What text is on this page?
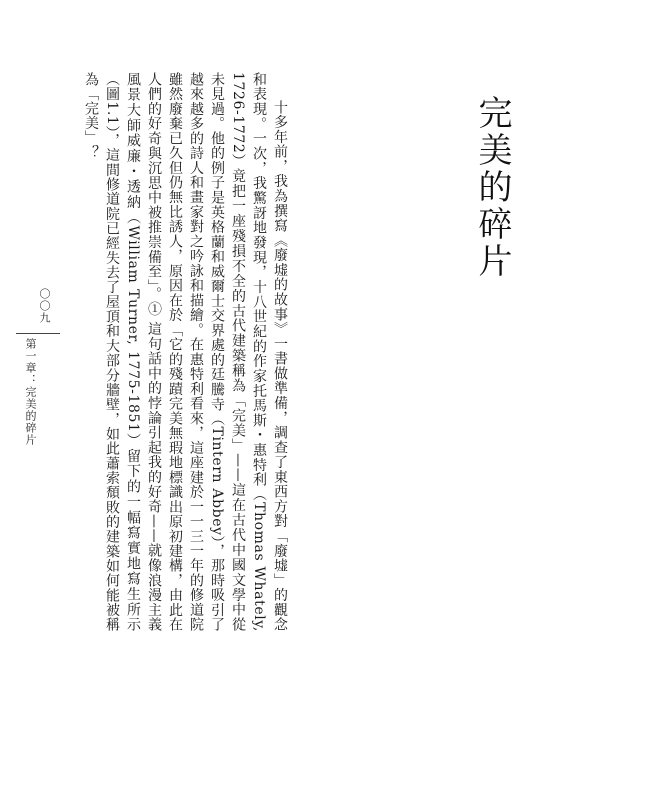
完美的碎片

十多年前，我為撰寫《廢墟的故事》一書做準備，調查了東西方對「廢墟」的觀念和表現。一次，我驚訝地發現，十八世紀的作家托馬斯・惠特利（Thomas Whately, 1726-1772）竟把一座殘損不全的古代建築稱為「完美」——這在古代中國文學中從未見過。他的例子是英格蘭和威爾士交界處的廷騰寺（Tintern Abbey），那時吸引了越來越多的詩人和畫家對之吟詠和描繪。在惠特利看來，這座建於一一三一年的修道院雖然廢棄已久但仍無比誘人，原因在於「它的殘蹟完美無瑕地標識出原初建構，由此在人們的好奇與沉思中被推崇備至」。① 這句話中的悖論引起我的好奇——就像浪漫主義風景大師威廉・透納（William Turner, 1775-1851）留下的一幅寫實地寫生所示（圖1.1），這間修道院已經失去了屋頂和大部分牆壁，如此蕭索頹敗的建築如何能被稱為「完美」？

〇〇九
第一章：完美的碎片
